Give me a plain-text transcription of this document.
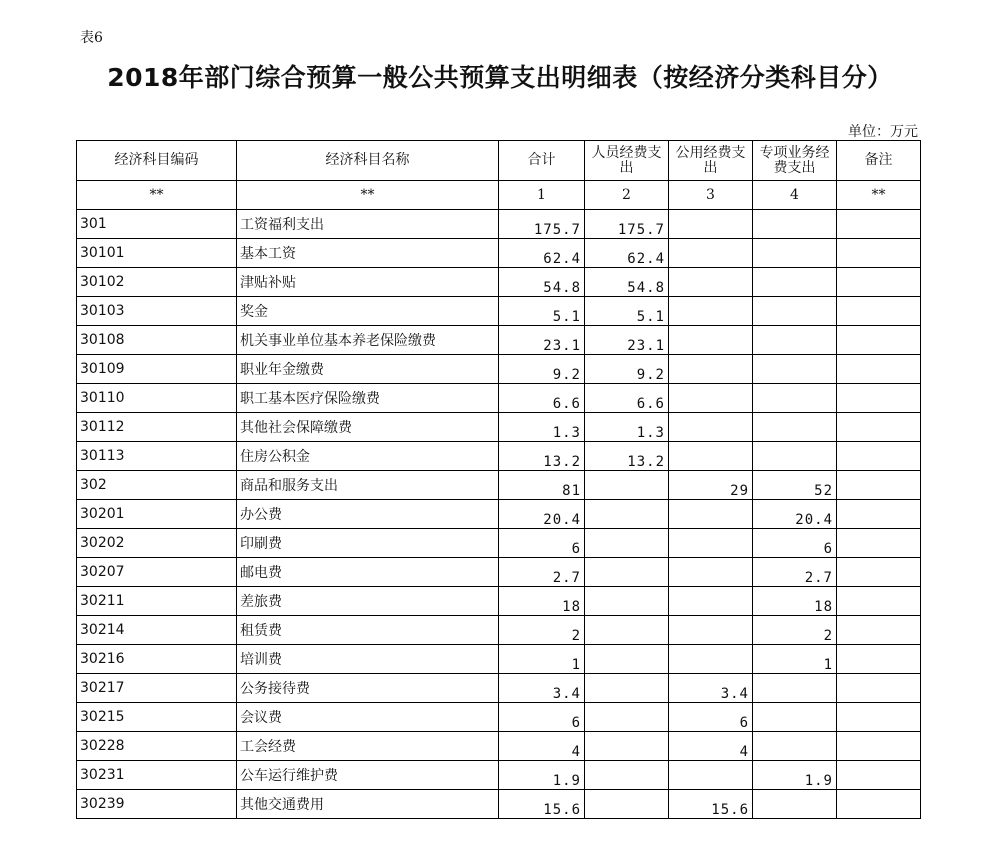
表6
2018年部门综合预算一般公共预算支出明细表（按经济分类科目分）
单位：万元
经济科目编码	经济科目名称	合计	人员经费支出	公用经费支出	专项业务经费支出	备注
**	**	1	2	3	4	**
301	工资福利支出	175.7	175.7			
30101	基本工资	62.4	62.4			
30102	津贴补贴	54.8	54.8			
30103	奖金	5.1	5.1			
30108	机关事业单位基本养老保险缴费	23.1	23.1			
30109	职业年金缴费	9.2	9.2			
30110	职工基本医疗保险缴费	6.6	6.6			
30112	其他社会保障缴费	1.3	1.3			
30113	住房公积金	13.2	13.2			
302	商品和服务支出	81		29	52	
30201	办公费	20.4			20.4	
30202	印刷费	6			6	
30207	邮电费	2.7			2.7	
30211	差旅费	18			18	
30214	租赁费	2			2	
30216	培训费	1			1	
30217	公务接待费	3.4		3.4		
30215	会议费	6		6		
30228	工会经费	4		4		
30231	公车运行维护费	1.9			1.9	
30239	其他交通费用	15.6		15.6		
